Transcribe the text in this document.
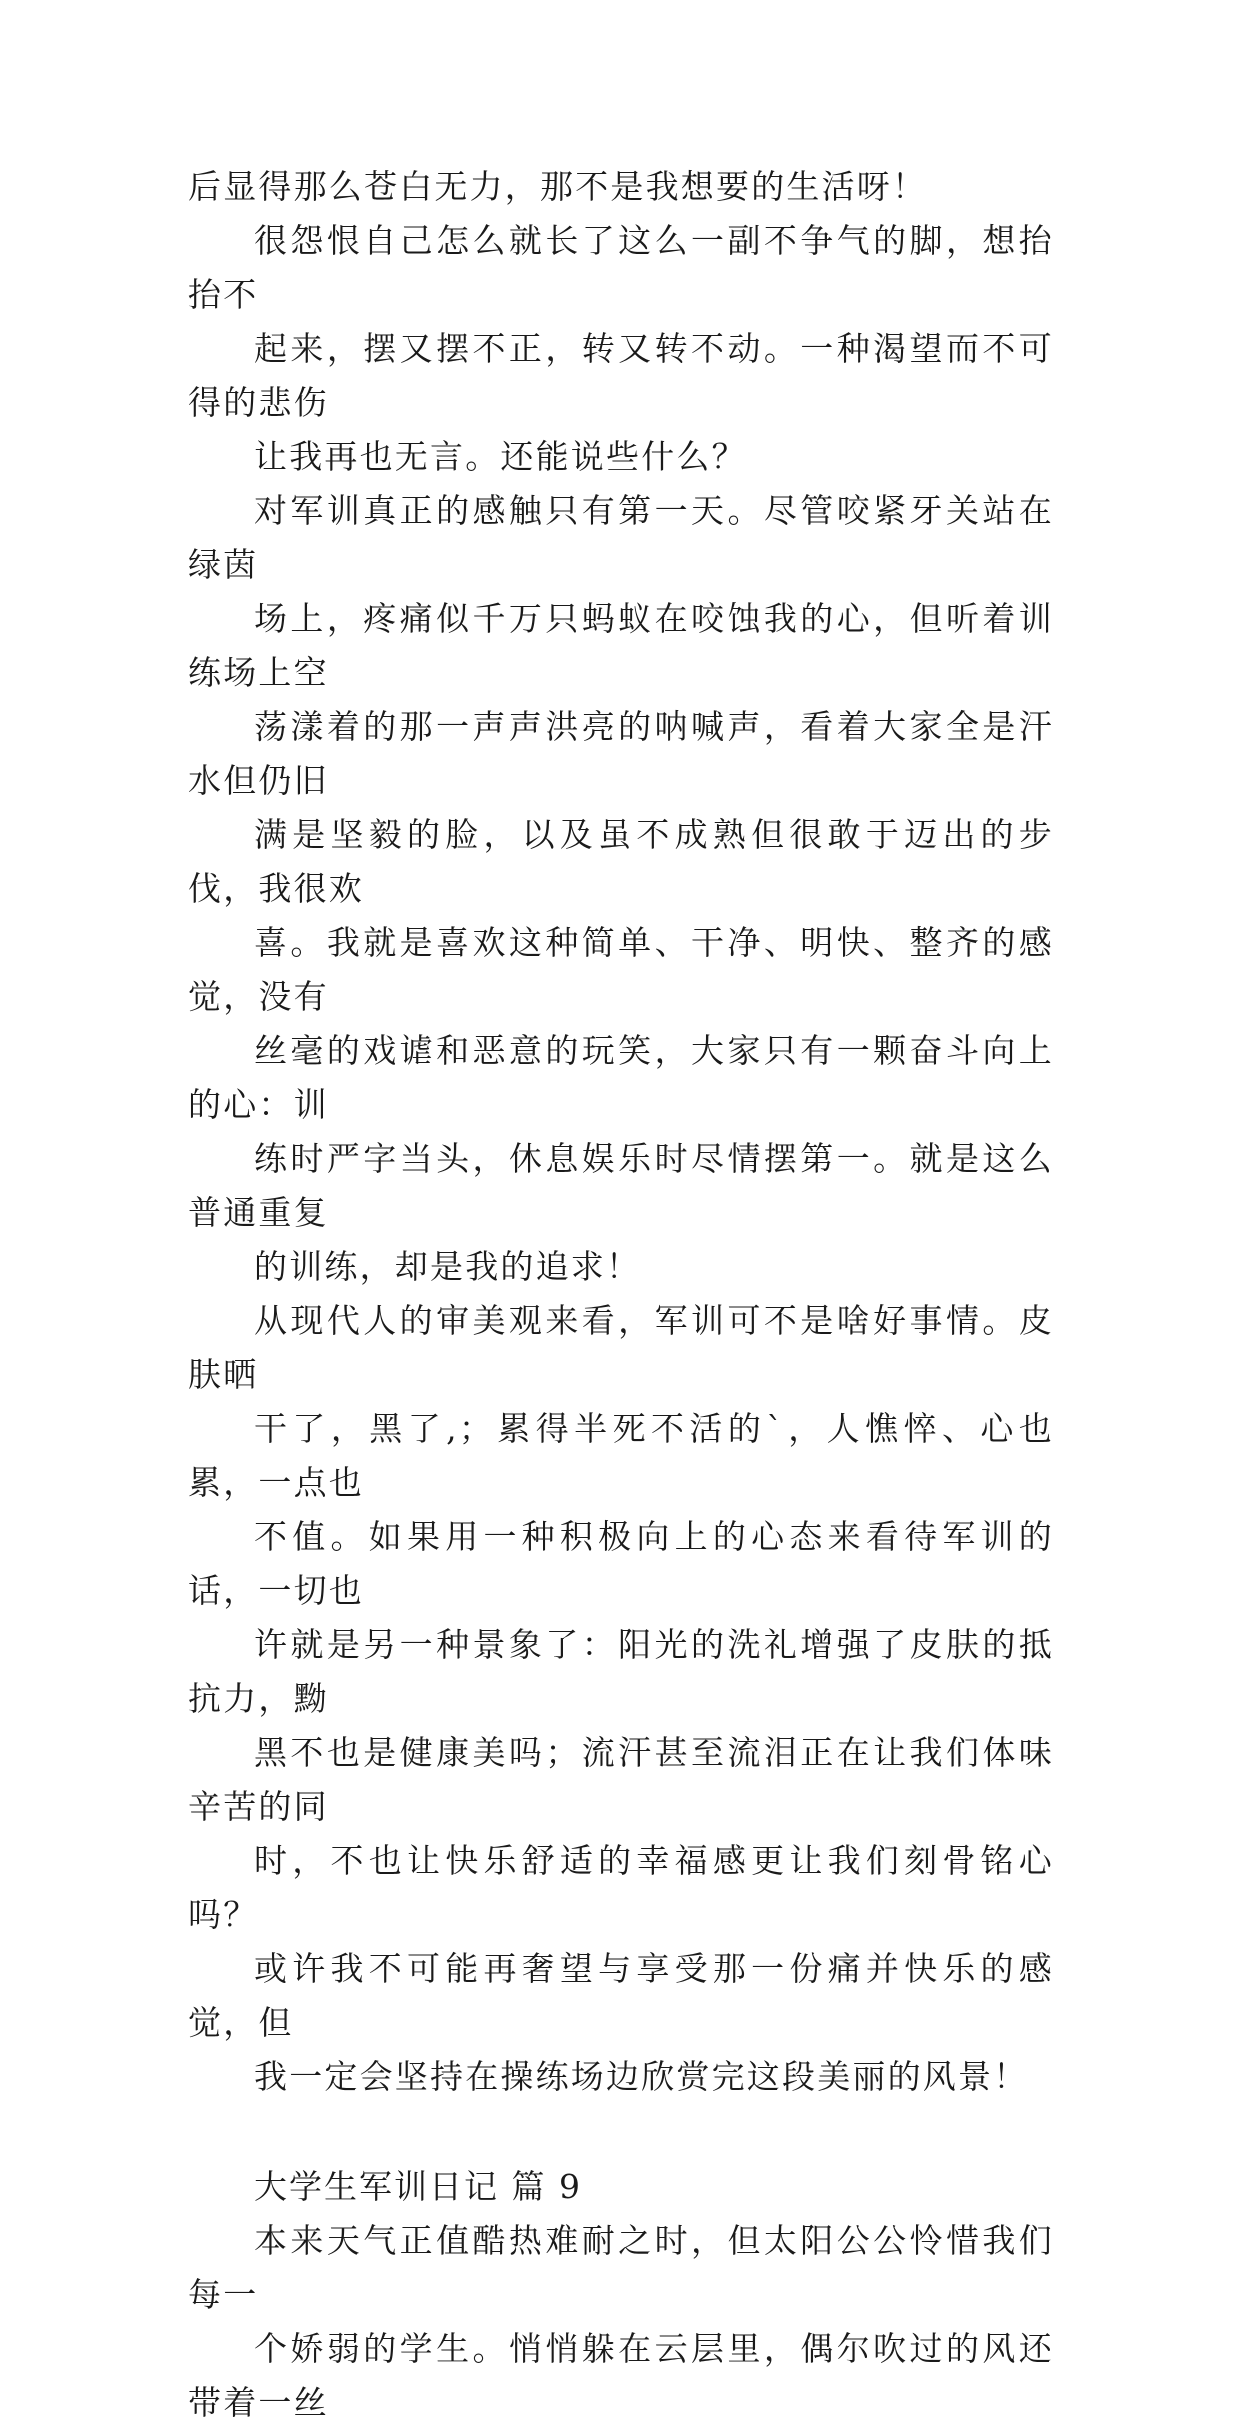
后显得那么苍白无力，那不是我想要的生活呀！

很怨恨自己怎么就长了这么一副不争气的脚，想抬抬不
起来，摆又摆不正，转又转不动。一种渴望而不可得的悲伤
让我再也无言。还能说些什么？

对军训真正的感触只有第一天。尽管咬紧牙关站在绿茵
场上，疼痛似千万只蚂蚁在咬蚀我的心，但听着训练场上空
荡漾着的那一声声洪亮的呐喊声，看着大家全是汗水但仍旧
满是坚毅的脸，以及虽不成熟但很敢于迈出的步伐，我很欢
喜。我就是喜欢这种简单、干净、明快、整齐的感觉，没有
丝毫的戏谑和恶意的玩笑，大家只有一颗奋斗向上的心：训
练时严字当头，休息娱乐时尽情摆第一。就是这么普通重复
的训练，却是我的追求！

从现代人的审美观来看，军训可不是啥好事情。皮肤晒
干了，黑了,；累得半死不活的`，人憔悴、心也累，一点也
不值。如果用一种积极向上的心态来看待军训的话，一切也
许就是另一种景象了：阳光的洗礼增强了皮肤的抵抗力，黝
黑不也是健康美吗；流汗甚至流泪正在让我们体味辛苦的同
时，不也让快乐舒适的幸福感更让我们刻骨铭心吗？

或许我不可能再奢望与享受那一份痛并快乐的感觉，但
我一定会坚持在操练场边欣赏完这段美丽的风景！

大学生军训日记 篇 9

本来天气正值酷热难耐之时，但太阳公公怜惜我们每一
个娇弱的学生。悄悄躲在云层里，偶尔吹过的风还带着一丝
